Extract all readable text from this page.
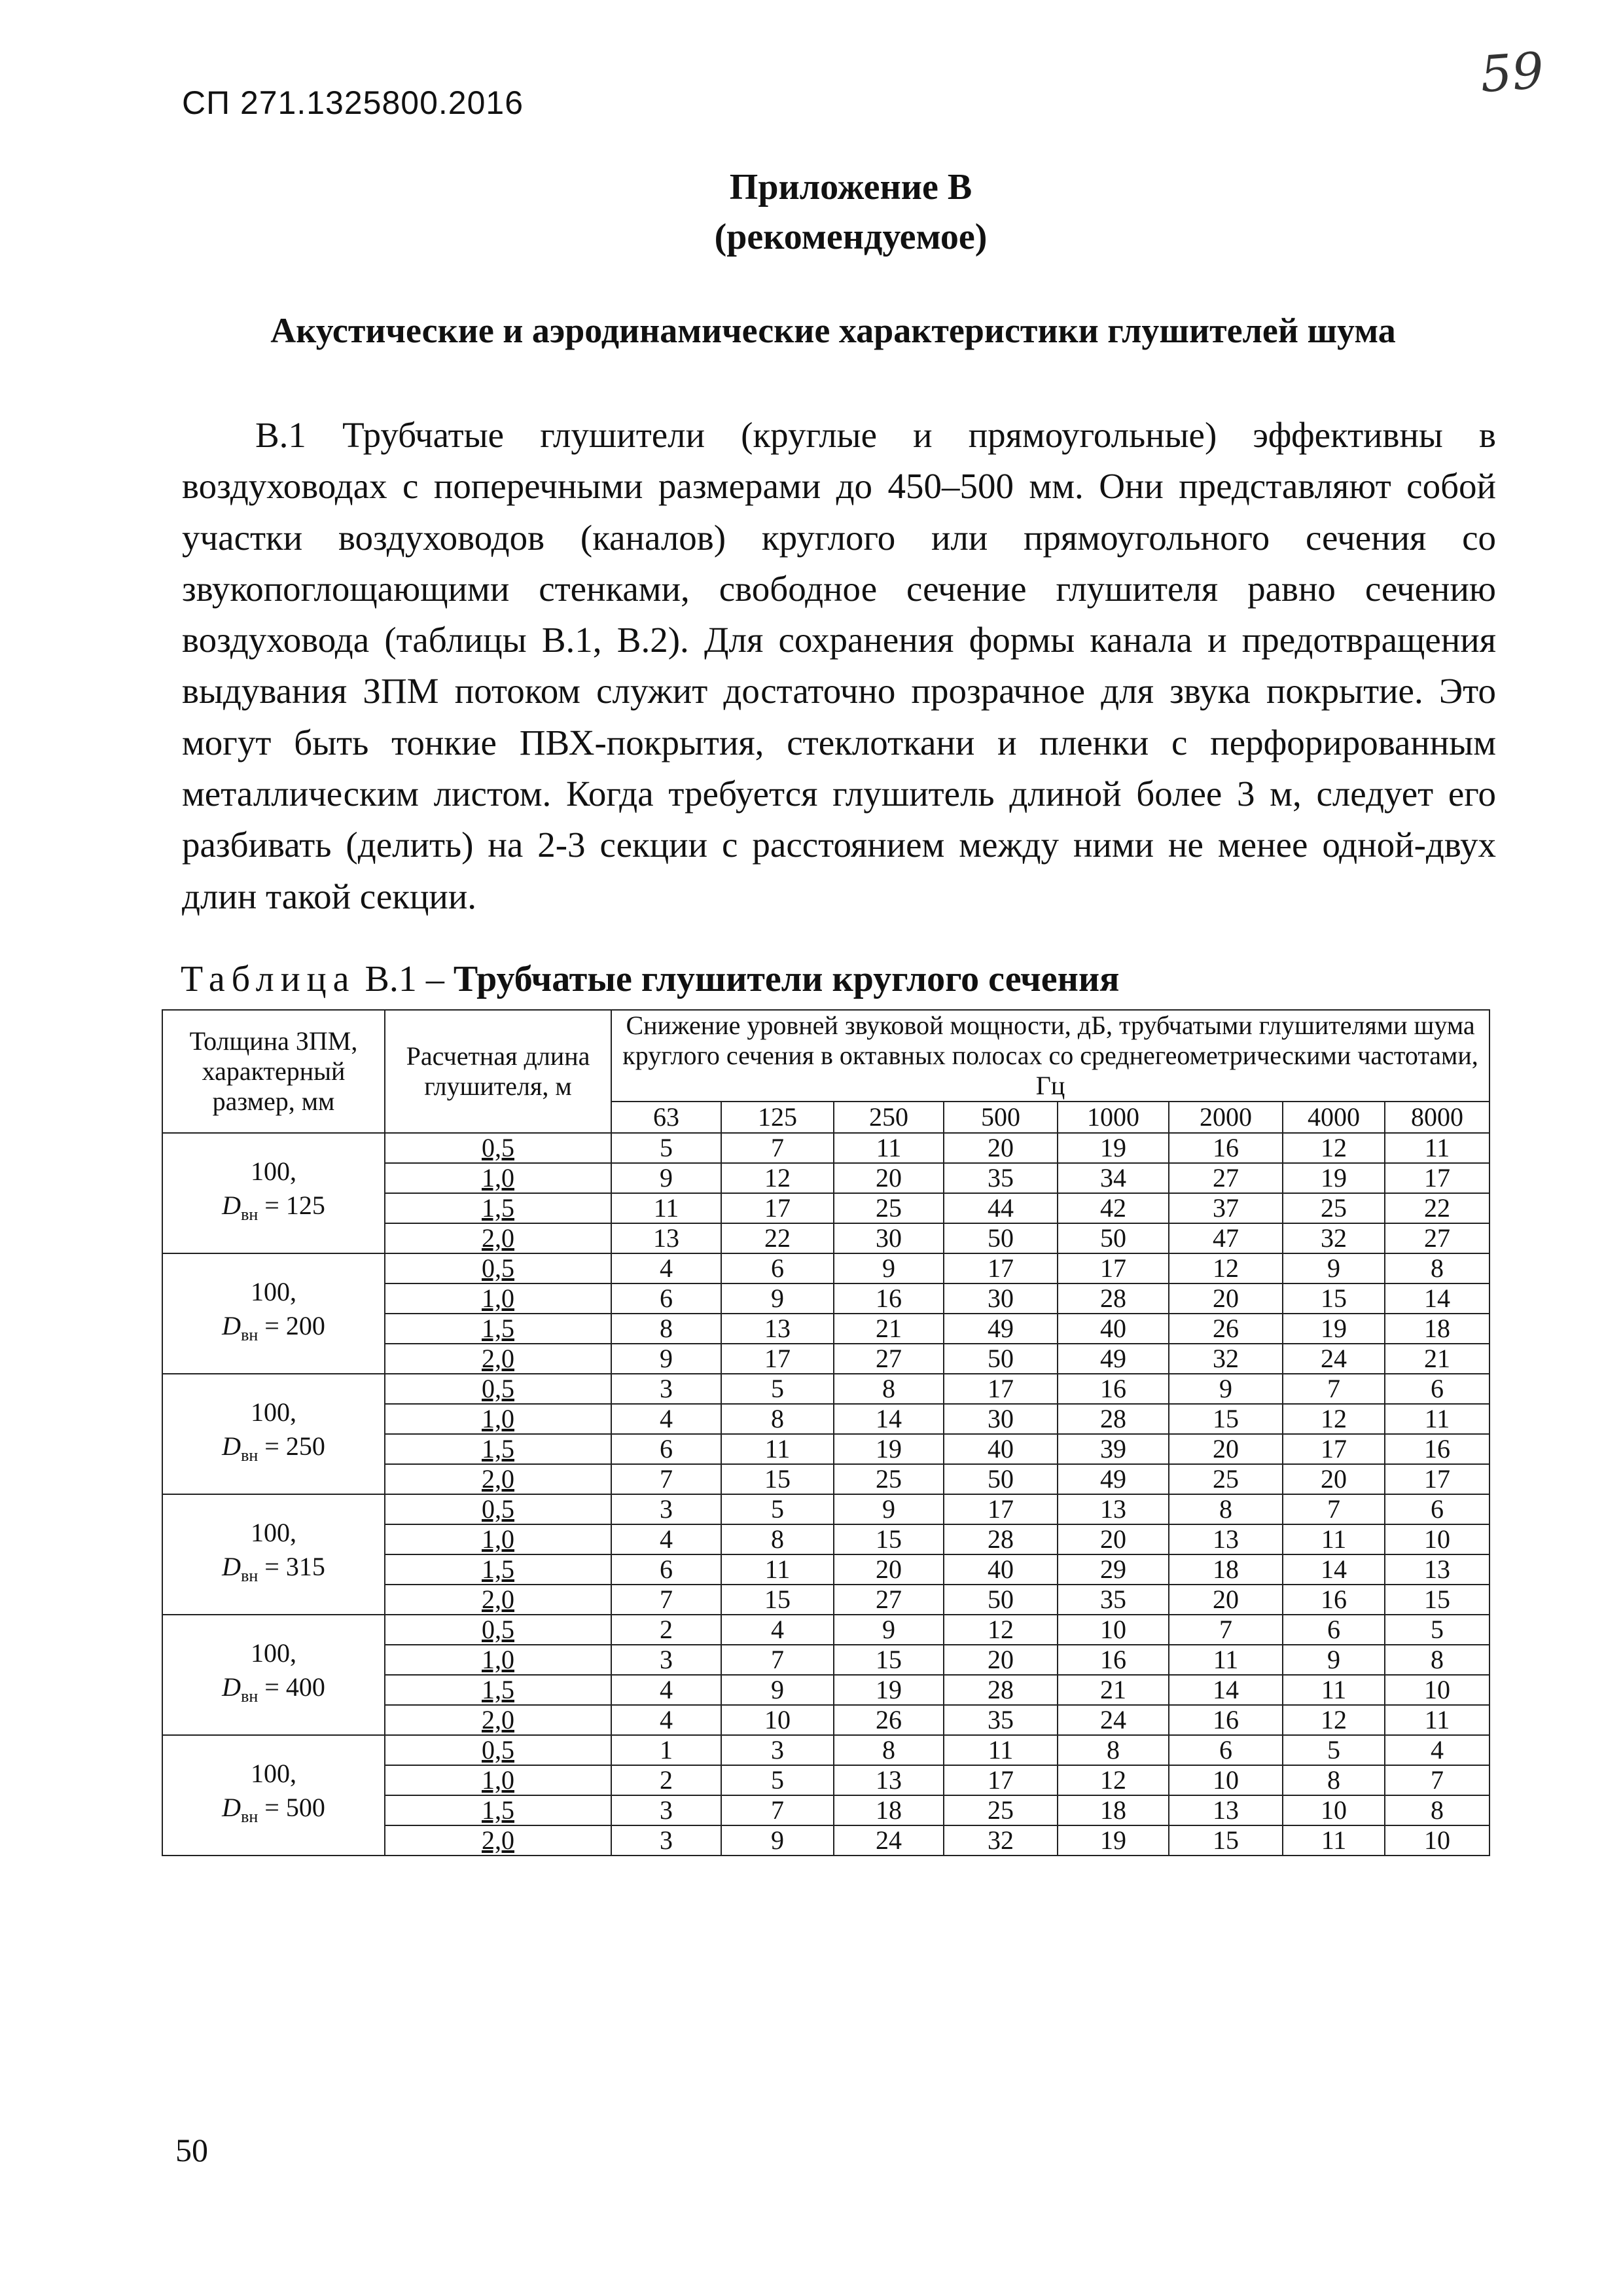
СП 271.1325800.2016	59
Приложение В
(рекомендуемое)
Акустические и аэродинамические характеристики глушителей шума

В.1 Трубчатые глушители (круглые и прямоугольные) эффективны в воздуховодах с поперечными размерами до 450–500 мм. Они представляют собой участки воздуховодов (каналов) круглого или прямоугольного сечения со звукопоглощающими стенками, свободное сечение глушителя равно сечению воздуховода (таблицы В.1, В.2). Для сохранения формы канала и предотвращения выдувания ЗПМ потоком служит достаточно прозрачное для звука покрытие. Это могут быть тонкие ПВХ-покрытия, стеклоткани и пленки с перфорированным металлическим листом. Когда требуется глушитель длиной более 3 м, следует его разбивать (делить) на 2-3 секции с расстоянием между ними не менее одной-двух длин такой секции.

Таблица В.1 – Трубчатые глушители круглого сечения
Толщина ЗПМ, характерный размер, мм	Расчетная длина глушителя, м	Снижение уровней звуковой мощности, дБ, трубчатыми глушителями шума круглого сечения в октавных полосах со среднегеометрическими частотами, Гц							
		63	125	250	500	1000	2000	4000	8000

100,
$D_{вн} = 125$	0,5	5	7	11	20	19	16	12	11
	1,0	9	12	20	35	34	27	19	17
	1,5	11	17	25	44	42	37	25	22
	2,0	13	22	30	50	50	47	32	27

100,
$D_{вн} = 200$	0,5	4	6	9	17	17	12	9	8
	1,0	6	9	16	30	28	20	15	14
	1,5	8	13	21	49	40	26	19	18
	2,0	9	17	27	50	49	32	24	21

100,
$D_{вн} = 250$	0,5	3	5	8	17	16	9	7	6
	1,0	4	8	14	30	28	15	12	11
	1,5	6	11	19	40	39	20	17	16
	2,0	7	15	25	50	49	25	20	17

100,
$D_{вн} = 315$	0,5	3	5	9	17	13	8	7	6
	1,0	4	8	15	28	20	13	11	10
	1,5	6	11	20	40	29	18	14	13
	2,0	7	15	27	50	35	20	16	15

100,
$D_{вн} = 400$	0,5	2	4	9	12	10	7	6	5
	1,0	3	7	15	20	16	11	9	8
	1,5	4	9	19	28	21	14	11	10
	2,0	4	10	26	35	24	16	12	11

100,
$D_{вн} = 500$	0,5	1	3	8	11	8	6	5	4
	1,0	2	5	13	17	12	10	8	7
	1,5	3	7	18	25	18	13	10	8
	2,0	3	9	24	32	19	15	11	10
50
